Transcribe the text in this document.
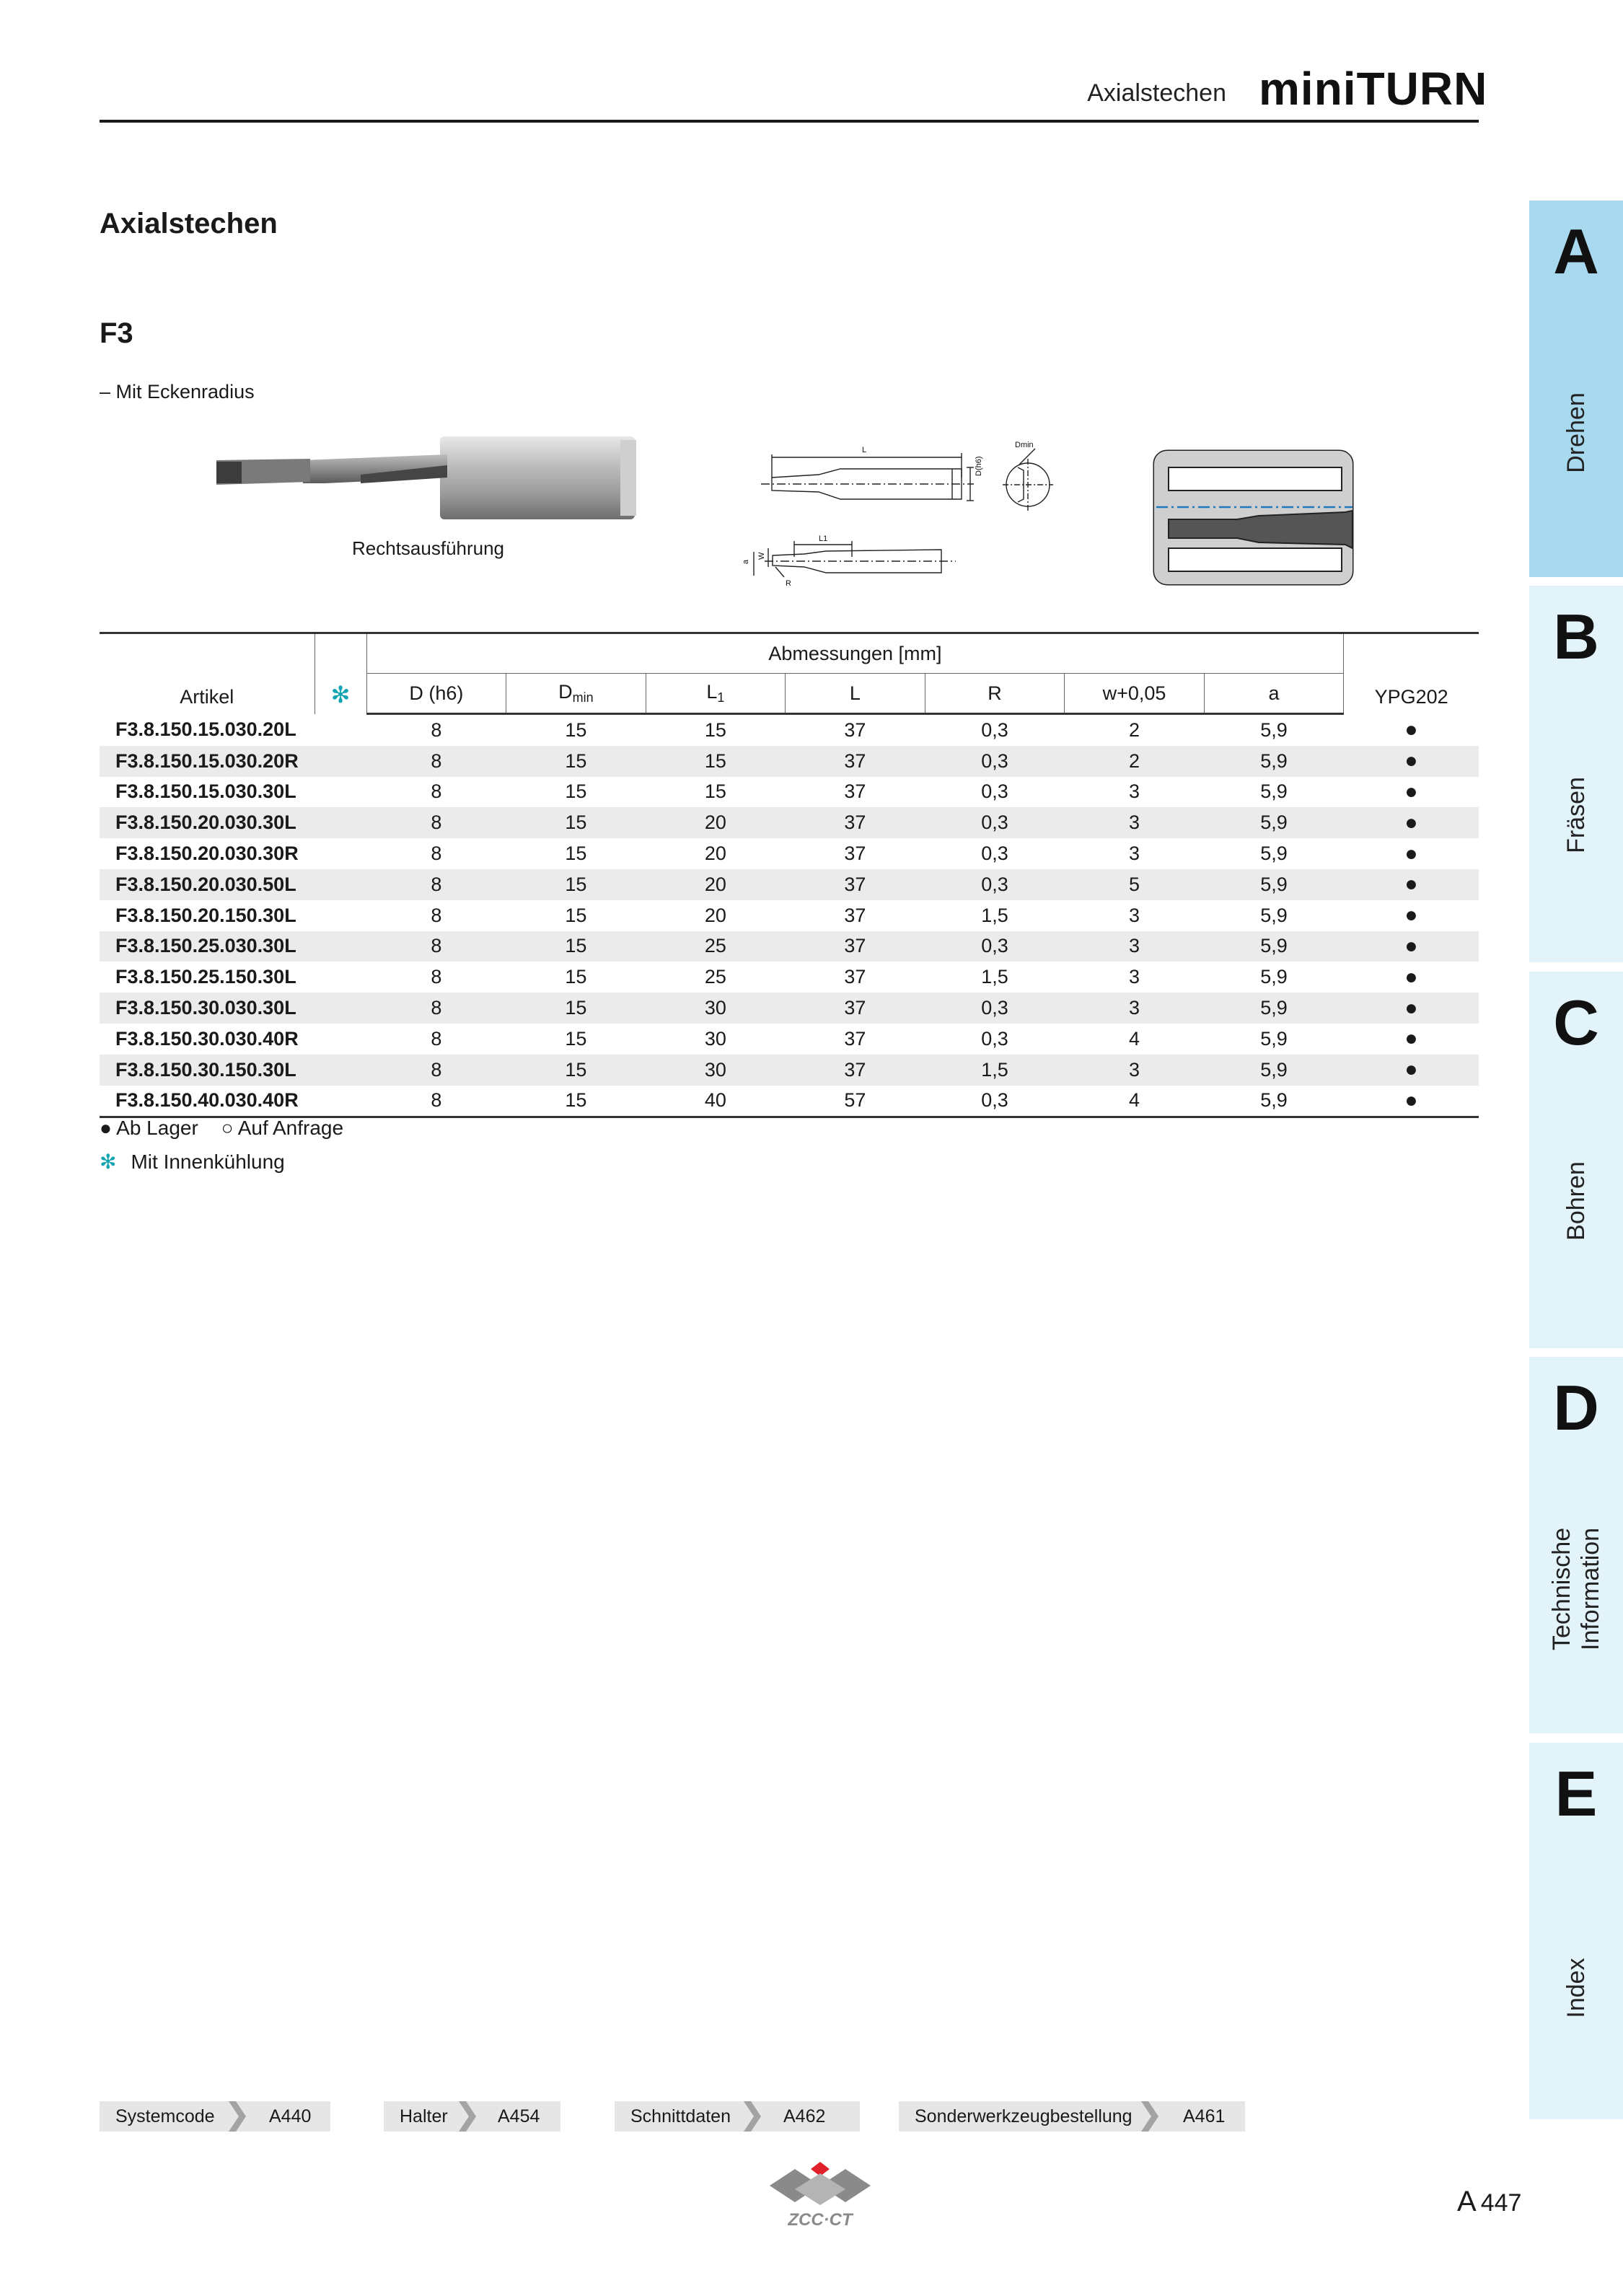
Axialstechen miniTURN
Axialstechen
F3
– Mit Eckenradius
Rechtsausführung
L
D(h6)
Dmin
L1
a
W
R
Artikel	✻	Abmessungen [mm]							YPG202
		D (h6)	$D_{min}$	$L_1$	L	R	w+0,05	a	
F3.8.150.15.030.20L		8	15	15	37	0,3	2	5,9	●
F3.8.150.15.030.20R		8	15	15	37	0,3	2	5,9	●
F3.8.150.15.030.30L		8	15	15	37	0,3	3	5,9	●
F3.8.150.20.030.30L		8	15	20	37	0,3	3	5,9	●
F3.8.150.20.030.30R		8	15	20	37	0,3	3	5,9	●
F3.8.150.20.030.50L		8	15	20	37	0,3	5	5,9	●
F3.8.150.20.150.30L		8	15	20	37	1,5	3	5,9	●
F3.8.150.25.030.30L		8	15	25	37	0,3	3	5,9	●
F3.8.150.25.150.30L		8	15	25	37	1,5	3	5,9	●
F3.8.150.30.030.30L		8	15	30	37	0,3	3	5,9	●
F3.8.150.30.030.40R		8	15	30	37	0,3	4	5,9	●
F3.8.150.30.150.30L		8	15	30	37	1,5	3	5,9	●
F3.8.150.40.030.40R		8	15	40	57	0,3	4	5,9	●
● Ab Lager ○ Auf Anfrage
✻ Mit Innenkühlung
A
Drehen
B
Fräsen
C
Bohren
D
Technische Information
E
Index
Systemcode	A440	Halter	A454	Schnittdaten	A462	Sonderwerkzeugbestellung	A461
ZCC·CT
A 447
